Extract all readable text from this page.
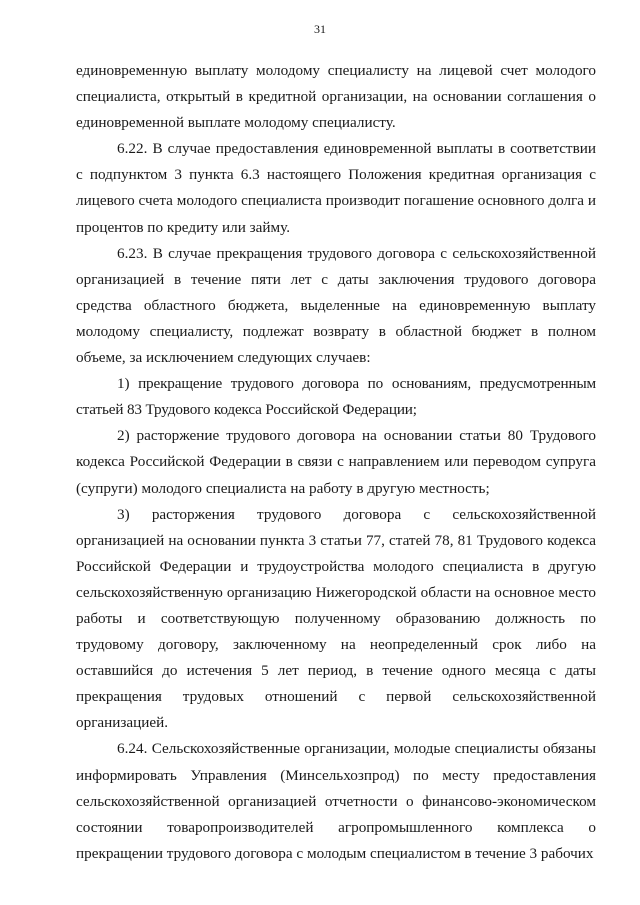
31

единовременную выплату молодому специалисту на лицевой счет молодого специалиста, открытый в кредитной организации, на основании соглашения о единовременной выплате молодому специалисту.

6.22. В случае предоставления единовременной выплаты в соответствии с подпунктом 3 пункта 6.3 настоящего Положения кредитная организация с лицевого счета молодого специалиста производит погашение основного долга и процентов по кредиту или займу.

6.23. В случае прекращения трудового договора с сельскохозяйственной организацией в течение пяти лет с даты заключения трудового договора средства областного бюджета, выделенные на единовременную выплату молодому специалисту, подлежат возврату в областной бюджет в полном объеме, за исключением следующих случаев:

1) прекращение трудового договора по основаниям, предусмотренным статьей 83 Трудового кодекса Российской Федерации;

2) расторжение трудового договора на основании статьи 80 Трудового кодекса Российской Федерации в связи с направлением или переводом супруга (супруги) молодого специалиста на работу в другую местность;

3) расторжения трудового договора с сельскохозяйственной организацией на основании пункта 3 статьи 77, статей 78, 81 Трудового кодекса Российской Федерации и трудоустройства молодого специалиста в другую сельскохозяйственную организацию Нижегородской области на основное место работы и соответствующую полученному образованию должность по трудовому договору, заключенному на неопределенный срок либо на оставшийся до истечения 5 лет период, в течение одного месяца с даты прекращения трудовых отношений с первой сельскохозяйственной организацией.

6.24. Сельскохозяйственные организации, молодые специалисты обязаны информировать Управления (Минсельхозпрод) по месту предоставления сельскохозяйственной организацией отчетности о финансово-экономическом состоянии товаропроизводителей агропромышленного комплекса о прекращении трудового договора с молодым специалистом в течение 3 рабочих
